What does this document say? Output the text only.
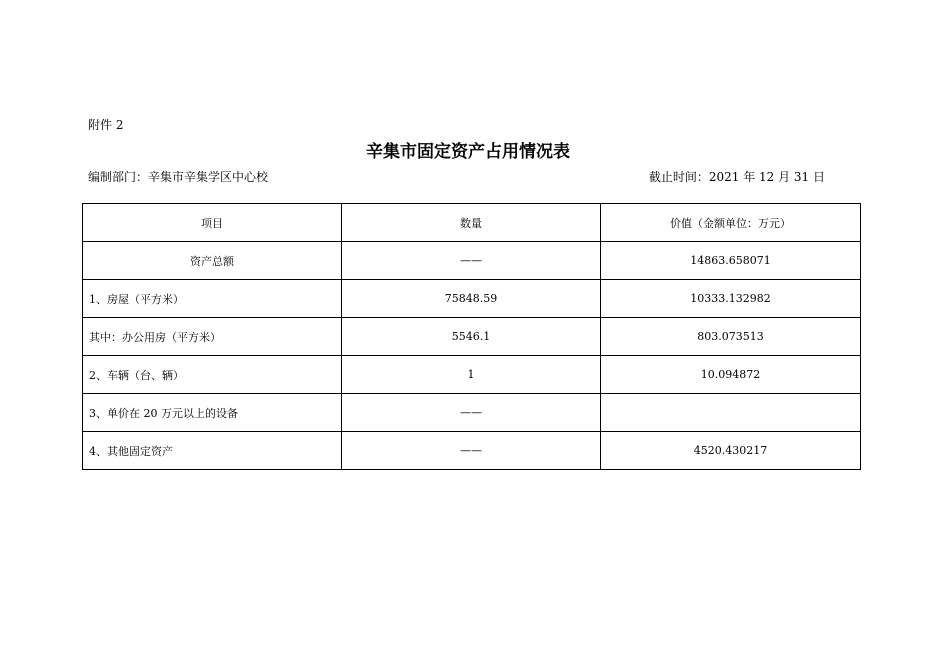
附件 2
辛集市固定资产占用情况表
编制部门：辛集市辛集学区中心校	截止时间：2021 年 12 月 31 日
项目	数量	价值（金额单位：万元）
资产总额	——	14863.658071
1、房屋（平方米）	75848.59	10333.132982
其中：办公用房（平方米）	5546.1	803.073513
2、车辆（台、辆）	1	10.094872
3、单价在 20 万元以上的设备	——	
4、其他固定资产	——	4520.430217
